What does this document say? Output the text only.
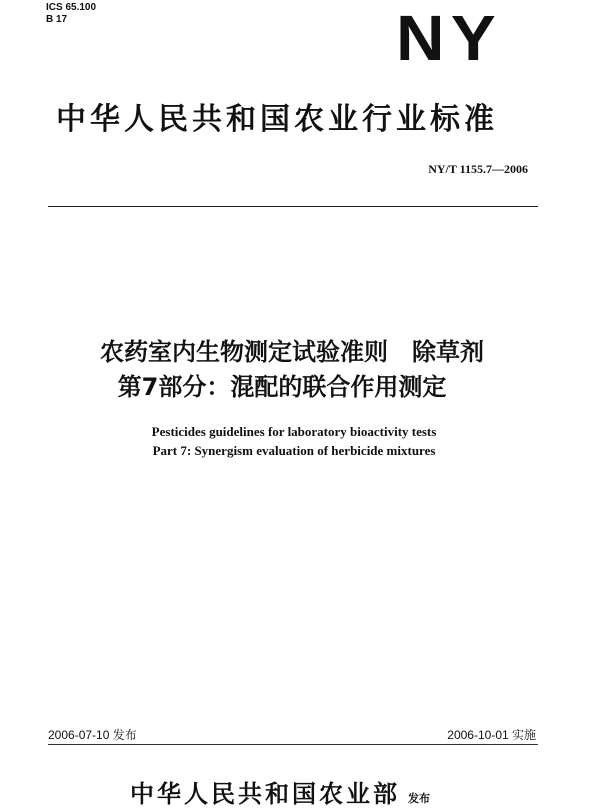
ICS 65.100
B 17	NY
中华人民共和国农业行业标准
NY/T 1155.7—2006
农药室内生物测定试验准则　除草剂
第7部分：混配的联合作用测定
Pesticides guidelines for laboratory bioactivity tests
Part 7: Synergism evaluation of herbicide mixtures
2006-07-10 发布	2006-10-01 实施
中华人民共和国农业部 发布
